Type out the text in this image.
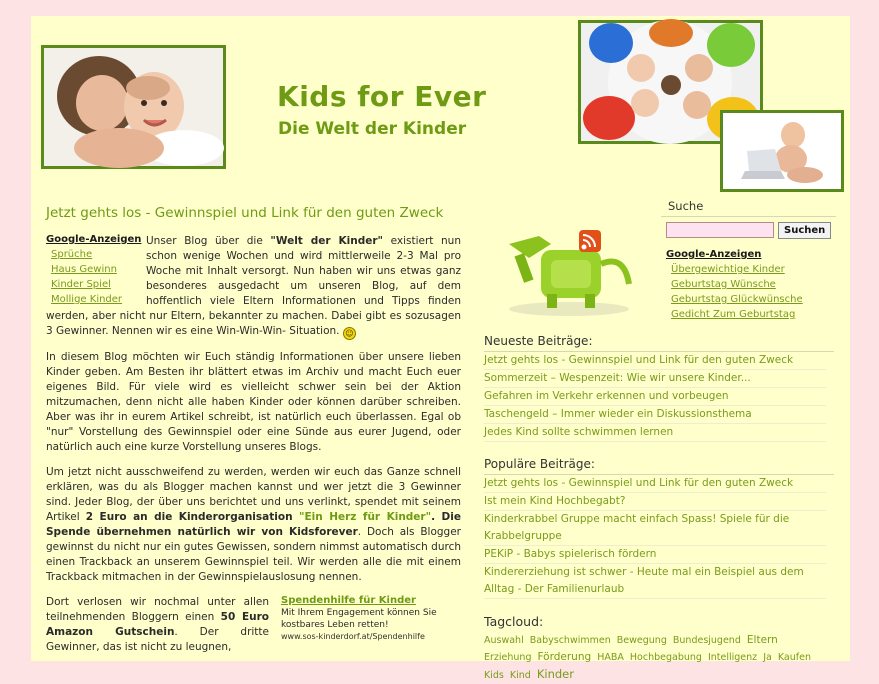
Kids for Ever
Die Welt der Kinder
Jetzt gehts los - Gewinnspiel und Link für den guten Zweck
Google-Anzeigen
Sprüche
Haus Gewinn
Kinder Spiel
Mollige Kinder

Unser Blog über die "Welt der Kinder" existiert nun schon wenige Wochen und wird mittlerweile 2-3 Mal pro Woche mit Inhalt versorgt. Nun haben wir uns etwas ganz besonderes ausgedacht um unseren Blog, auf dem hoffentlich viele Eltern Informationen und Tipps finden werden, aber nicht nur Eltern, bekannter zu machen. Dabei gibt es sozusagen 3 Gewinner. Nennen wir es eine Win-Win-Win- Situation. ☺

In diesem Blog möchten wir Euch ständig Informationen über unsere lieben Kinder geben. Am Besten ihr blättert etwas im Archiv und macht Euch euer eigenes Bild. Für viele wird es vielleicht schwer sein bei der Aktion mitzumachen, denn nicht alle haben Kinder oder können darüber schreiben. Aber was ihr in eurem Artikel schreibt, ist natürlich euch überlassen. Egal ob "nur" Vorstellung des Gewinnspiel oder eine Sünde aus eurer Jugend, oder natürlich auch eine kurze Vorstellung unseres Blogs.

Um jetzt nicht ausschweifend zu werden, werden wir euch das Ganze schnell erklären, was du als Blogger machen kannst und wer jetzt die 3 Gewinner sind. Jeder Blog, der über uns berichtet und uns verlinkt, spendet mit seinem Artikel 2 Euro an die Kinderorganisation "Ein Herz für Kinder". Die Spende übernehmen natürlich wir von Kidsforever. Doch als Blogger gewinnst du nicht nur ein gutes Gewissen, sondern nimmst automatisch durch einen Trackback an unserem Gewinnspiel teil. Wir werden alle die mit einem Trackback mitmachen in der Gewinnspielauslosung nennen.

Spendenhilfe für Kinder
Mit Ihrem Engagement können Sie kostbares Leben retten!
www.sos-kinderdorf.at/Spendenhilfe

Dort verlosen wir nochmal unter allen teilnehmenden Bloggern einen 50 Euro Amazon Gutschein. Der dritte Gewinner, das ist nicht zu leugnen,

Suche
Suchen
Google-Anzeigen
Übergewichtige Kinder
Geburtstag Wünsche
Geburtstag Glückwünsche
Gedicht Zum Geburtstag
Neueste Beiträge:
Jetzt gehts los - Gewinnspiel und Link für den guten Zweck
Sommerzeit – Wespenzeit: Wie wir unsere Kinder...
Gefahren im Verkehr erkennen und vorbeugen
Taschengeld – Immer wieder ein Diskussionsthema
Jedes Kind sollte schwimmen lernen
Populäre Beiträge:
Jetzt gehts los - Gewinnspiel und Link für den guten Zweck
Ist mein Kind Hochbegabt?
Kinderkrabbel Gruppe macht einfach Spass! Spiele für die Krabbelgruppe
PEKiP - Babys spielerisch fördern
Kindererziehung ist schwer - Heute mal ein Beispiel aus dem Alltag - Der Familienurlaub
Tagcloud:
Auswahl Babyschwimmen Bewegung Bundesjugend Eltern Erziehung Förderung HABA Hochbegabung Intelligenz Ja Kaufen Kids Kind Kinder
